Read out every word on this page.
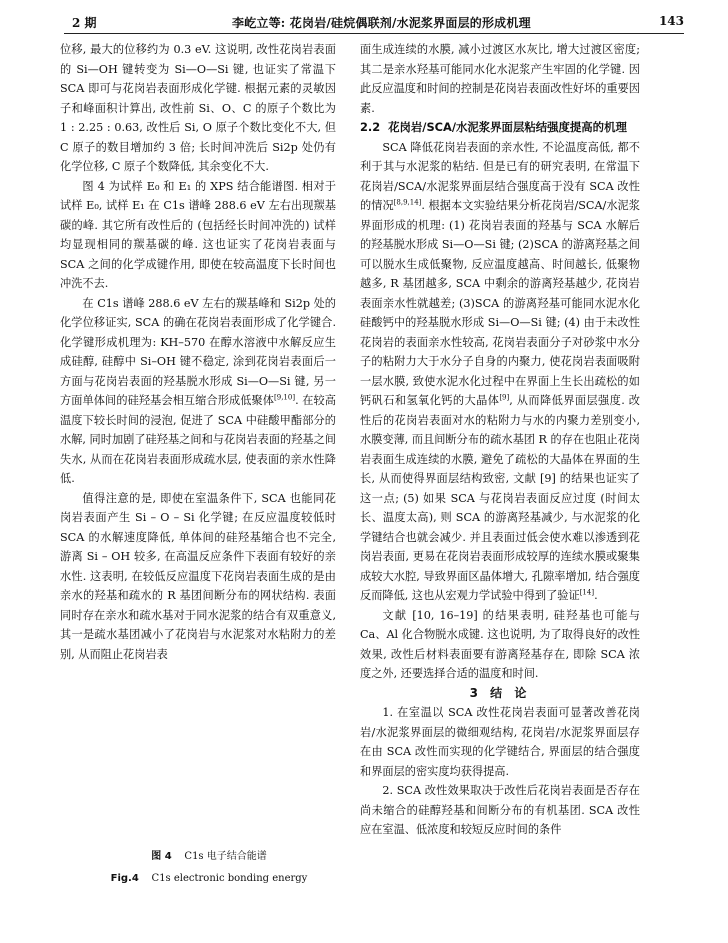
2 期	李屹立等: 花岗岩/硅烷偶联剂/水泥浆界面层的形成机理	143

位移, 最大的位移约为 0.3 eV. 这说明, 改性花岗岩表面的 Si—OH 键转变为 Si—O—Si 键, 也证实了常温下 SCA 即可与花岗岩表面形成化学键. 根据元素的灵敏因子和峰面积计算出, 改性前 Si、O、C 的原子个数比为 1 : 2.25 : 0.63, 改性后 Si, O 原子个数比变化不大, 但 C 原子的数目增加约 3 倍; 长时间冲洗后 Si2p 处仍有化学位移, C 原子个数降低, 其余变化不大.

图 4 为试样 E₀ 和 E₁ 的 XPS 结合能谱图. 相对于试样 E₀, 试样 E₁ 在 C1s 谱峰 288.6 eV 左右出现羰基碳的峰. 其它所有改性后的 (包括经长时间冲洗的) 试样均显现相同的羰基碳的峰. 这也证实了花岗岩表面与 SCA 之间的化学成键作用, 即使在较高温度下长时间也冲洗不去.

在 C1s 谱峰 288.6 eV 左右的羰基峰和 Si2p 处的化学位移证实, SCA 的确在花岗岩表面形成了化学键合. 化学键形成机理为: KH–570 在醇水溶液中水解反应生成硅醇, 硅醇中 Si–OH 键不稳定, 涂到花岗岩表面后一方面与花岗岩表面的羟基脱水形成 Si—O—Si 键, 另一方面单体间的硅羟基会相互缩合形成低聚体[9,10]. 在较高温度下较长时间的浸泡, 促进了 SCA 中硅酸甲酯部分的水解, 同时加剧了硅羟基之间和与花岗岩表面的羟基之间失水, 从而在花岗岩表面形成疏水层, 使表面的亲水性降低.

值得注意的是, 即使在室温条件下, SCA 也能同花岗岩表面产生 Si – O – Si 化学键; 在反应温度较低时 SCA 的水解速度降低, 单体间的硅羟基缩合也不完全, 游离 Si – OH 较多, 在高温反应条件下表面有较好的亲水性. 这表明, 在较低反应温度下花岗岩表面生成的是由亲水的羟基和疏水的 R 基团间断分布的网状结构. 表面同时存在亲水和疏水基对于同水泥浆的结合有双重意义, 其一是疏水基团减小了花岗岩与水泥浆对水粘附力的差别, 从而阻止花岗岩表

图 4 C1s 电子结合能谱
Fig.4 C1s electronic bonding energy

面生成连续的水膜, 减小过渡区水灰比, 增大过渡区密度; 其二是亲水羟基可能同水化水泥浆产生牢固的化学键. 因此反应温度和时间的控制是花岗岩表面改性好坏的重要因素.

2.2 花岗岩/SCA/水泥浆界面层粘结强度提高的机理

SCA 降低花岗岩表面的亲水性, 不论温度高低, 都不利于其与水泥浆的粘结. 但是已有的研究表明, 在常温下花岗岩/SCA/水泥浆界面层结合强度高于没有 SCA 改性的情况[8,9,14]. 根据本文实验结果分析花岗岩/SCA/水泥浆界面形成的机理: (1) 花岗岩表面的羟基与 SCA 水解后的羟基脱水形成 Si—O—Si 键; (2)SCA 的游离羟基之间可以脱水生成低聚物, 反应温度越高、时间越长, 低聚物越多, R 基团越多, SCA 中剩余的游离羟基越少, 花岗岩表面亲水性就越差; (3)SCA 的游离羟基可能同水泥水化硅酸钙中的羟基脱水形成 Si—O—Si 键; (4) 由于未改性花岗岩的表面亲水性较高, 花岗岩表面分子对砂浆中水分子的粘附力大于水分子自身的内聚力, 使花岗岩表面吸附一层水膜, 致使水泥水化过程中在界面上生长出疏松的如钙矾石和氢氧化钙的大晶体[9], 从而降低界面层强度. 改性后的花岗岩表面对水的粘附力与水的内聚力差别变小, 水膜变薄, 而且间断分布的疏水基团 R 的存在也阻止花岗岩表面生成连续的水膜, 避免了疏松的大晶体在界面的生长, 从而使得界面层结构致密, 文献 [9] 的结果也证实了这一点; (5) 如果 SCA 与花岗岩表面反应过度 (时间太长、温度太高), 则 SCA 的游离羟基减少, 与水泥浆的化学键结合也就会减少. 并且表面过低会使水难以渗透到花岗岩表面, 更易在花岗岩表面形成较厚的连续水膜或聚集成较大水腔, 导致界面区晶体增大, 孔隙率增加, 结合强度反而降低, 这也从宏观力学试验中得到了验证[14].

文献 [10, 16–19] 的结果表明, 硅羟基也可能与 Ca、Al 化合物脱水成键. 这也说明, 为了取得良好的改性效果, 改性后材料表面要有游离羟基存在, 即除 SCA 浓度之外, 还要选择合适的温度和时间.

3 结 论

1. 在室温以 SCA 改性花岗岩表面可显著改善花岗岩/水泥浆界面层的微细观结构, 花岗岩/水泥浆界面层存在由 SCA 改性而实现的化学键结合, 界面层的结合强度和界面层的密实度均获得提高.

2. SCA 改性效果取决于改性后花岗岩表面是否存在尚未缩合的硅醇羟基和间断分布的有机基团. SCA 改性应在室温、低浓度和较短反应时间的条件
